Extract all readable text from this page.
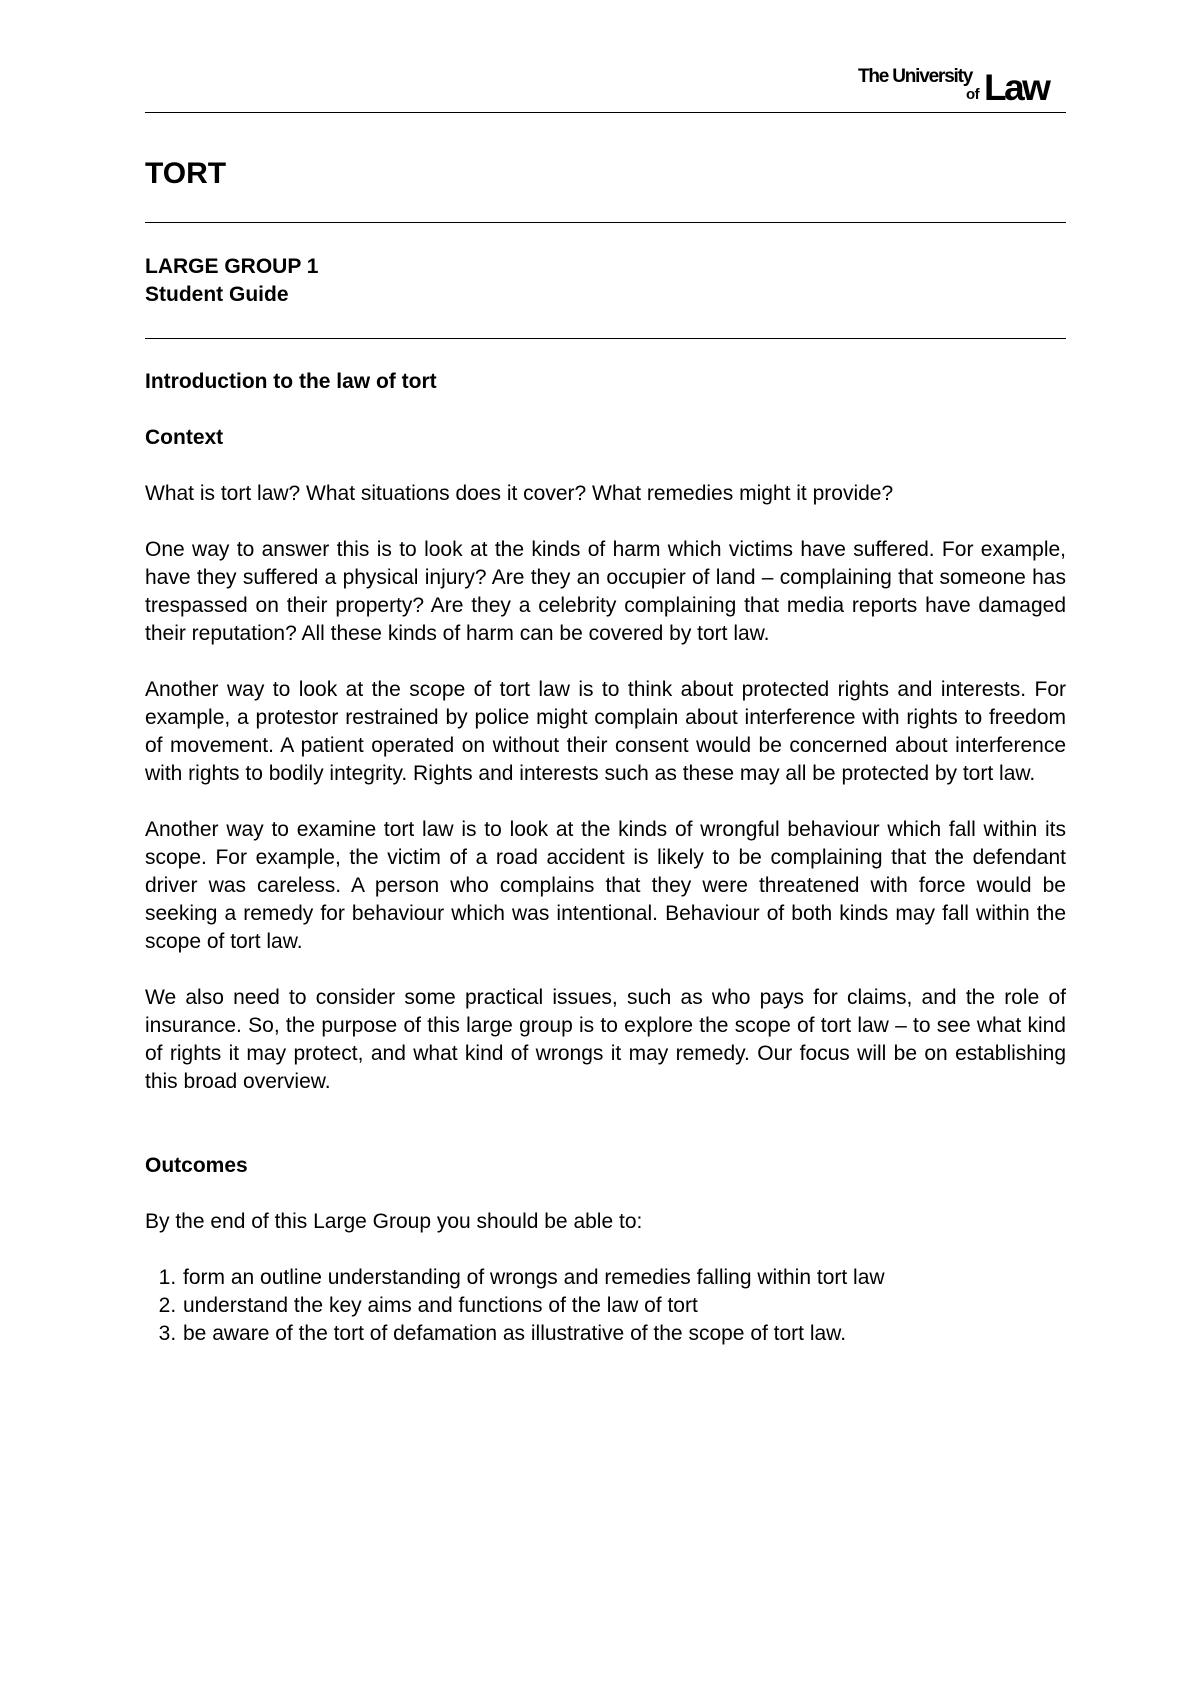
The University
of Law
TORT
LARGE GROUP 1
Student Guide
Introduction to the law of tort
Context

What is tort law? What situations does it cover? What remedies might it provide?

One way to answer this is to look at the kinds of harm which victims have suffered. For example, have they suffered a physical injury? Are they an occupier of land – complaining that someone has trespassed on their property? Are they a celebrity complaining that media reports have damaged their reputation? All these kinds of harm can be covered by tort law.

Another way to look at the scope of tort law is to think about protected rights and interests. For example, a protestor restrained by police might complain about interference with rights to freedom of movement. A patient operated on without their consent would be concerned about interference with rights to bodily integrity. Rights and interests such as these may all be protected by tort law.

Another way to examine tort law is to look at the kinds of wrongful behaviour which fall within its scope. For example, the victim of a road accident is likely to be complaining that the defendant driver was careless. A person who complains that they were threatened with force would be seeking a remedy for behaviour which was intentional. Behaviour of both kinds may fall within the scope of tort law.

We also need to consider some practical issues, such as who pays for claims, and the role of insurance. So, the purpose of this large group is to explore the scope of tort law – to see what kind of rights it may protect, and what kind of wrongs it may remedy. Our focus will be on establishing this broad overview.

Outcomes

By the end of this Large Group you should be able to:

1. form an outline understanding of wrongs and remedies falling within tort law
2. understand the key aims and functions of the law of tort
3. be aware of the tort of defamation as illustrative of the scope of tort law.
